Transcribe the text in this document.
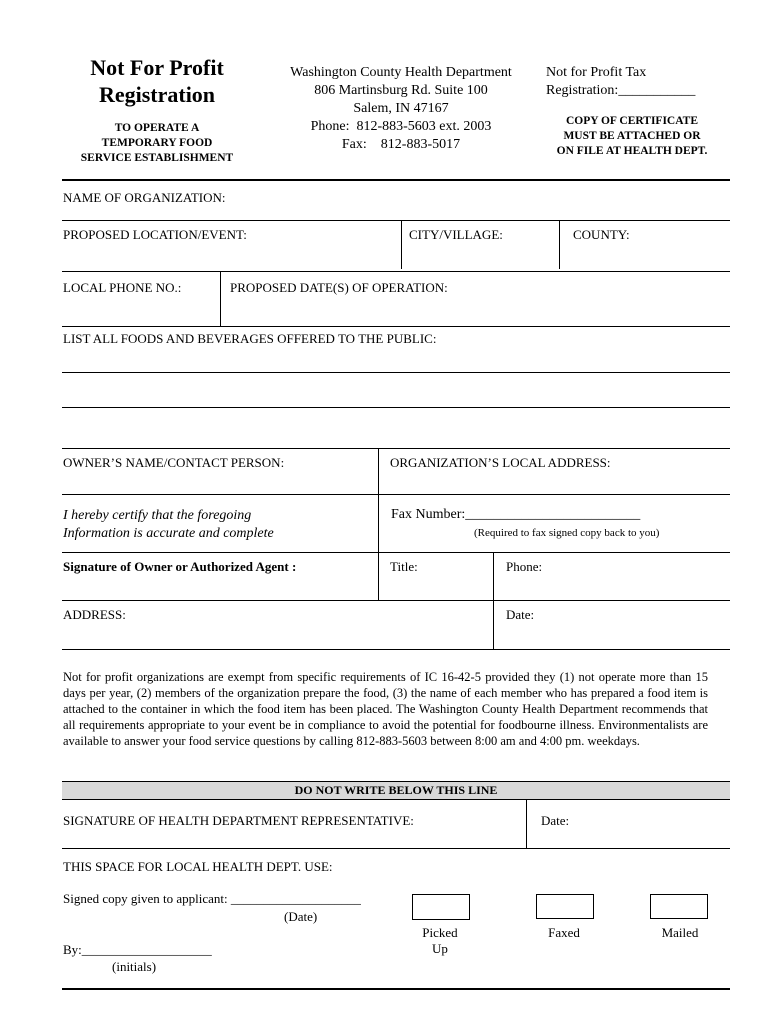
Not For Profit
Registration
TO OPERATE A
TEMPORARY FOOD
SERVICE ESTABLISHMENT
Washington County Health Department
806 Martinsburg Rd. Suite 100
Salem, IN 47167
Phone:  812-883-5603 ext. 2003
Fax:    812-883-5017
Not for Profit Tax
Registration:___________
COPY OF CERTIFICATE
MUST BE ATTACHED OR
ON FILE AT HEALTH DEPT.
NAME OF ORGANIZATION:
PROPOSED LOCATION/EVENT:	CITY/VILLAGE:	COUNTY:
LOCAL PHONE NO.:	PROPOSED DATE(S) OF OPERATION:
LIST ALL FOODS AND BEVERAGES OFFERED TO THE PUBLIC:
OWNER’S NAME/CONTACT PERSON:	ORGANIZATION’S LOCAL ADDRESS:
I hereby certify that the foregoing
Information is accurate and complete
Fax Number:_________________________
(Required to fax signed copy back to you)
Signature of Owner or Authorized Agent :	Title:	Phone:
ADDRESS:	Date:
Not for profit organizations are exempt from specific requirements of IC 16-42-5 provided they (1) not operate more than 15 days per year, (2) members of the organization prepare the food, (3) the name of each member who has prepared a food item is attached to the container in which the food item has been placed. The Washington County Health Department recommends that all requirements appropriate to your event be in compliance to avoid the potential for foodbourne illness. Environmentalists are available to answer your food service questions by calling 812-883-5603 between 8:00 am and 4:00 pm. weekdays.
DO NOT WRITE BELOW THIS LINE
SIGNATURE OF HEALTH DEPARTMENT REPRESENTATIVE:	Date:
THIS SPACE FOR LOCAL HEALTH DEPT. USE:
Signed copy given to applicant: ____________________
(Date)
Picked
Up
Faxed	Mailed
By:____________________
(initials)
